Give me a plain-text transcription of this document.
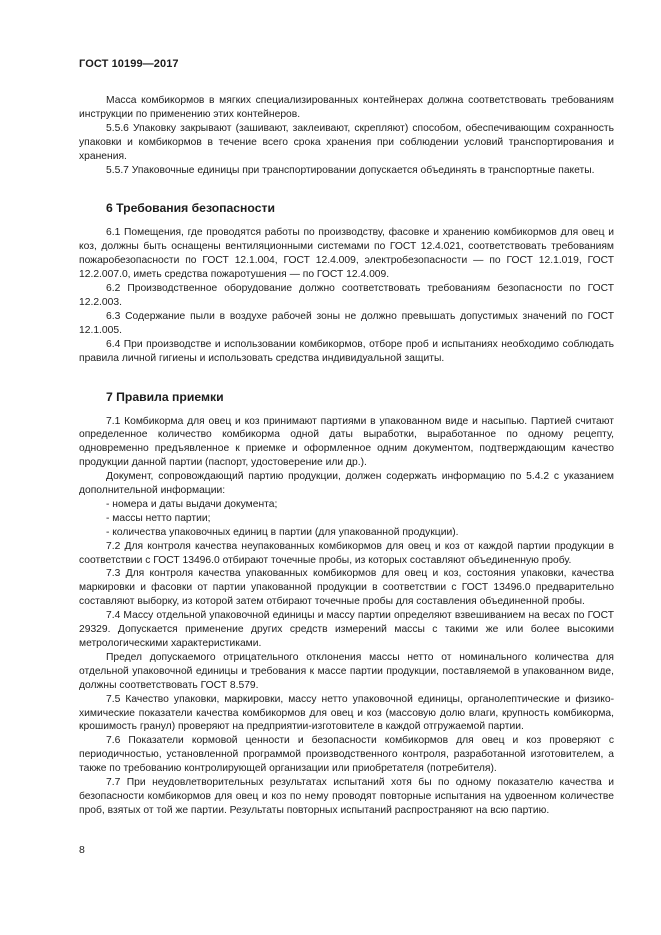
ГОСТ 10199—2017

Масса комбикормов в мягких специализированных контейнерах должна соответствовать требованиям инструкции по применению этих контейнеров.

5.5.6 Упаковку закрывают (зашивают, заклеивают, скрепляют) способом, обеспечивающим сохранность упаковки и комбикормов в течение всего срока хранения при соблюдении условий транспортирования и хранения.

5.5.7 Упаковочные единицы при транспортировании допускается объединять в транспортные пакеты.

6 Требования безопасности

6.1 Помещения, где проводятся работы по производству, фасовке и хранению комбикормов для овец и коз, должны быть оснащены вентиляционными системами по ГОСТ 12.4.021, соответствовать требованиям пожаробезопасности по ГОСТ 12.1.004, ГОСТ 12.4.009, электробезопасности — по ГОСТ 12.1.019, ГОСТ 12.2.007.0, иметь средства пожаротушения — по ГОСТ 12.4.009.

6.2 Производственное оборудование должно соответствовать требованиям безопасности по ГОСТ 12.2.003.

6.3 Содержание пыли в воздухе рабочей зоны не должно превышать допустимых значений по ГОСТ 12.1.005.

6.4 При производстве и использовании комбикормов, отборе проб и испытаниях необходимо соблюдать правила личной гигиены и использовать средства индивидуальной защиты.

7 Правила приемки

7.1 Комбикорма для овец и коз принимают партиями в упакованном виде и насыпью. Партией считают определенное количество комбикорма одной даты выработки, выработанное по одному рецепту, одновременно предъявленное к приемке и оформленное одним документом, подтверждающим качество продукции данной партии (паспорт, удостоверение или др.).

Документ, сопровождающий партию продукции, должен содержать информацию по 5.4.2 с указанием дополнительной информации:

- номера и даты выдачи документа;

- массы нетто партии;

- количества упаковочных единиц в партии (для упакованной продукции).

7.2 Для контроля качества неупакованных комбикормов для овец и коз от каждой партии продукции в соответствии с ГОСТ 13496.0 отбирают точечные пробы, из которых составляют объединенную пробу.

7.3 Для контроля качества упакованных комбикормов для овец и коз, состояния упаковки, качества маркировки и фасовки от партии упакованной продукции в соответствии с ГОСТ 13496.0 предварительно составляют выборку, из которой затем отбирают точечные пробы для составления объединенной пробы.

7.4 Массу отдельной упаковочной единицы и массу партии определяют взвешиванием на весах по ГОСТ 29329. Допускается применение других средств измерений массы с такими же или более высокими метрологическими характеристиками.

Предел допускаемого отрицательного отклонения массы нетто от номинального количества для отдельной упаковочной единицы и требования к массе партии продукции, поставляемой в упакованном виде, должны соответствовать ГОСТ 8.579.

7.5 Качество упаковки, маркировки, массу нетто упаковочной единицы, органолептические и физико-химические показатели качества комбикормов для овец и коз (массовую долю влаги, крупность комбикорма, крошимость гранул) проверяют на предприятии-изготовителе в каждой отгружаемой партии.

7.6 Показатели кормовой ценности и безопасности комбикормов для овец и коз проверяют с периодичностью, установленной программой производственного контроля, разработанной изготовителем, а также по требованию контролирующей организации или приобретателя (потребителя).

7.7 При неудовлетворительных результатах испытаний хотя бы по одному показателю качества и безопасности комбикормов для овец и коз по нему проводят повторные испытания на удвоенном количестве проб, взятых от той же партии. Результаты повторных испытаний распространяют на всю партию.

8
